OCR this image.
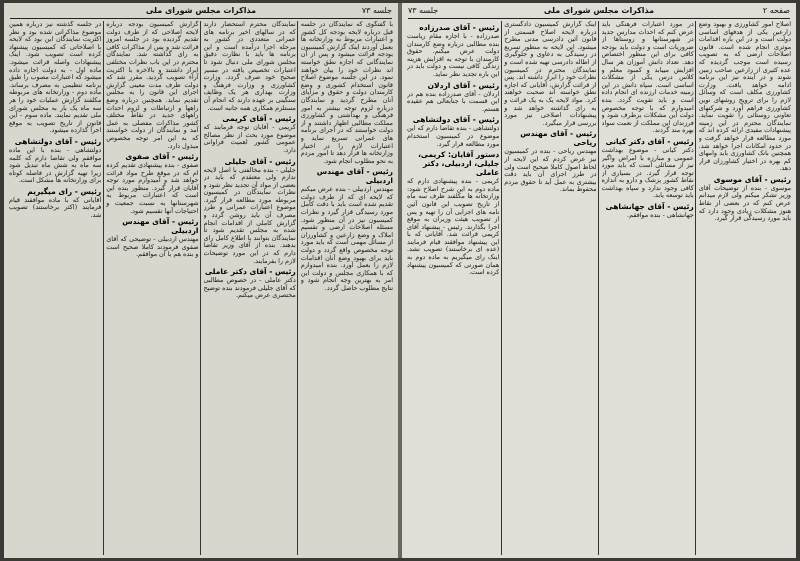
جلسه ۷۳
مذاکرات مجلس شورای ملی

با گفتگوی که نمایندگان در جلسه قبل درباره لایحه بودجه کل کشور و اعتبارات مربوط به وزارتخانه ها بعمل آوردند اینک گزارش کمیسیون بودجه قرائت میشود و پس از آن نمایندگانی که اجازه نطق خواسته اند نظرات خود را بیان خواهند نمود. در این جلسه موضوع اصلاح قانون استخدام کشوری و وضع کارمندان دولت و حقوق و مزایای آنان مطرح گردید و نمایندگان درباره لزوم توجه بیشتر به امور فرهنگی و بهداشتی و کشاورزی مملکت مطالبی اظهار داشتند و از دولت خواستند که در اجرای برنامه های عمرانی تسریع نماید و اعتبارات لازم را در اختیار وزارتخانه ها قرار دهد تا امور مردم به نحو مطلوب انجام شود.

رئیس - آقای مهندس اردبیلی

مهندس اردبیلی - بنده عرض میکنم که لایحه ای که از طرف دولت تقدیم شده است باید با دقت کامل مورد رسیدگی قرار گیرد و نظرات کمیسیون نیز در آن منظور شود. مسئله اصلاحات ارضی و تقسیم املاک و وضع زارعین و کشاورزان از مسائل مهمی است که باید مورد توجه مخصوص واقع گردد و دولت باید برای بهبود وضع آنان اقدامات لازم را بعمل آورد. بنده امیدوارم که با همکاری مجلس و دولت این امر به بهترین وجه انجام شود و نتایج مطلوب حاصل گردد.

نمایندگان محترم استحضار دارند که در سالهای اخیر برنامه های عمرانی متعددی در کشور به مرحله اجرا درآمده است و این برنامه ها باید با نظارت دقیق مجلس شورای ملی دنبال شود تا اعتبارات تخصیص یافته در مسیر صحیح خود صرف گردد. وزارت کشاورزی و وزارت فرهنگ و وزارت بهداری هر یک وظایف سنگینی بر عهده دارند که انجام آن مستلزم همکاری همه جانبه است.

رئیس - آقای کریمی

کریمی - آقایان توجه فرمایند که موضوع مورد بحث از نظر مصالح عمومی کشور اهمیت فراوانی دارد.

رئیس - آقای جلیلی

جلیلی - بنده مخالفتی با اصل لایحه ندارم ولی معتقدم که باید در بعضی از مواد آن تجدید نظر شود و نظرات نمایندگان در کمیسیون مربوطه مورد مطالعه قرار گیرد. موضوع اعتبارات عمرانی و طرز مصرف آن باید روشن گردد و گزارش کاملی از اقدامات انجام شده به مجلس تقدیم شود تا نمایندگان بتوانند با اطلاع کامل رای بدهند. بنده از آقای وزیر تقاضا دارم که در این مورد توضیحات لازم را بفرمایند.

رئیس - آقای دکتر عاملی

دکتر عاملی - در خصوص مطالبی که آقای جلیلی فرمودند بنده توضیح مختصری عرض میکنم.

گزارش کمیسیون بودجه درباره لایحه اصلاحی که از طرف دولت تقدیم گردیده بود در جلسه امروز قرائت شد و پس از مذاکرات کافی به رای گذاشته شد. نمایندگان محترم در این باب نظرات مختلفی ابراز داشتند و بالاخره با اکثریت آراء تصویب گردید. مقرر شد که دولت ظرف مدت معینی گزارش اجرای این قانون را به مجلس تقدیم نماید. همچنین درباره وضع راهها و ارتباطات و لزوم احداث راههای جدید در نقاط مختلف کشور مذاکرات مفصلی به عمل آمد و نمایندگان از دولت خواستند که به این امر توجه مخصوص مبذول دارد.

رئیس - آقای صفوی

صفوی - بنده پیشنهادی تقدیم کرده ام که در موقع طرح مواد قرائت خواهد شد و امیدوارم مورد توجه آقایان قرار گیرد. منظور بنده این است که اعتبارات مربوط به شهرستانها به نسبت جمعیت و احتیاجات آنها تقسیم شود.

رئیس - آقای مهندس اردبیلی

مهندس اردبیلی - توضیحی که آقای صفوی فرمودند کاملا صحیح است و بنده هم با آن موافقم.

در جلسه گذشته نیز درباره همین موضوع مذاکراتی شده بود و نظر اکثریت نمایندگان این بود که لایحه با اصلاحاتی که کمیسیون پیشنهاد کرده است تصویب شود. اینک پیشنهادات واصله قرائت میشود. ماده اول - به دولت اجازه داده میشود که اعتبارات مصوب را طبق برنامه تنظیمی به مصرف برساند. ماده دوم - وزارتخانه های مربوطه مکلفند گزارش عملیات خود را هر سه ماه یک بار به مجلس شورای ملی تقدیم نمایند. ماده سوم - این قانون از تاریخ تصویب به موقع اجرا گذارده میشود.

رئیس - آقای دولتشاهی

دولتشاهی - بنده با این ماده موافقم ولی تقاضا دارم که کلمه سه ماه به شش ماه تبدیل شود زیرا تهیه گزارش در فاصله کوتاه برای وزارتخانه ها مشکل است.

رئیس - رای میگیریم

آقایانی که با ماده موافقند قیام فرمایند (اکثر برخاستند) تصویب شد.

صفحه ۲
مذاکرات مجلس شورای ملی
جلسه ۷۳

اصلاح امور کشاورزی و بهبود وضع زارعین یکی از هدفهای اساسی دولت است و در این باره اقدامات موثری انجام شده است. قانون اصلاحات ارضی که به تصویب رسیده است موجب گردیده که عده کثیری از زارعین صاحب زمین شوند و در آینده نیز این برنامه ادامه خواهد یافت. وزارت کشاورزی مکلف است که وسائل لازم را برای ترویج روشهای نوین کشاورزی فراهم آورد و شرکتهای تعاونی روستائی را تقویت نماید. نمایندگان محترم در این زمینه پیشنهادات مفیدی ارائه کرده اند که مورد مطالعه قرار خواهد گرفت و در حدود امکانات اجرا خواهد شد. همچنین بانک کشاورزی باید وامهای کم بهره در اختیار کشاورزان قرار دهد.

رئیس - آقای موسوی

موسوی - بنده از توضیحات آقای وزیر تشکر میکنم ولی لازم میدانم عرض کنم که در بعضی از نقاط هنوز مشکلات زیادی وجود دارد که باید مورد رسیدگی قرار گیرد.

در مورد اعتبارات فرهنگی باید عرض کنم که احداث مدارس جدید در شهرستانها و روستاها از ضروریات است و دولت باید بودجه کافی برای این منظور اختصاص دهد. تعداد دانش آموزان هر سال افزایش مییابد و کمبود معلم و کلاس درس یکی از مشکلات اساسی است. سپاه دانش در این زمینه خدمات ارزنده ای انجام داده است و باید تقویت گردد. بنده امیدوارم که با توجه مخصوص دولت این مشکلات برطرف شود و فرزندان این مملکت از نعمت سواد بهره مند گردند.

رئیس - آقای دکتر کیانی

دکتر کیانی - موضوع بهداشت عمومی و مبارزه با امراض واگیر نیز از مسائلی است که باید مورد توجه قرار گیرد. در بسیاری از نقاط کشور پزشک و دارو به اندازه کافی وجود ندارد و سپاه بهداشت باید توسعه یابد.

رئیس - آقای جهانشاهی

جهانشاهی - بنده موافقم.

اینک گزارش کمیسیون دادگستری درباره لایحه اصلاح قسمتی از قانون آئین دادرسی مدنی مطرح میشود. این لایحه به منظور تسریع در رسیدگی به دعاوی و جلوگیری از اطاله دادرسی تهیه شده است و نمایندگان محترم در کمیسیون نظرات خود را ابراز داشته اند. پس از قرائت گزارش، آقایانی که اجازه نطق خواسته اند صحبت خواهند کرد. مواد لایحه یک به یک قرائت و به رای گذاشته خواهد شد و پیشنهادات اصلاحی نیز مورد بررسی قرار میگیرد.

رئیس - آقای مهندس ریاحی

مهندس ریاحی - بنده در کمیسیون نیز عرض کردم که این لایحه از لحاظ اصول کاملا صحیح است ولی در طرز اجرای آن باید دقت بیشتری به عمل آید تا حقوق مردم محفوظ بماند.

رئیس - آقای صدرزاده

صدرزاده - با اجازه مقام ریاست بنده مطالبی درباره وضع کارمندان دولت عرض میکنم. حقوق کارمندان با توجه به افزایش هزینه زندگی کافی نیست و دولت باید در این باره تجدید نظر نماید.

رئیس - آقای اردلان

اردلان - آقای صدرزاده بنده هم در این قسمت با جنابعالی هم عقیده هستم.

رئیس - آقای دولتشاهی

دولتشاهی - بنده تقاضا دارم که این موضوع در کمیسیون استخدام مورد مطالعه قرار گیرد.

دستور آقایان: کریمی، جلیلی، اردبیلی، دکتر عاملی

کریمی - بنده پیشنهادی دارم که ماده دوم به این شرح اصلاح شود: وزارتخانه ها مکلفند ظرف سه ماه از تاریخ تصویب این قانون آئین نامه های اجرایی آن را تهیه و پس از تصویب هیئت وزیران به موقع اجرا بگذارند. رئیس - پیشنهاد آقای کریمی قرائت شد. آقایانی که با این پیشنهاد موافقند قیام فرمایند (عده ای برخاستند) تصویب نشد. اینک رای میگیریم به ماده دوم به همان صورتی که کمیسیون پیشنهاد کرده است.
